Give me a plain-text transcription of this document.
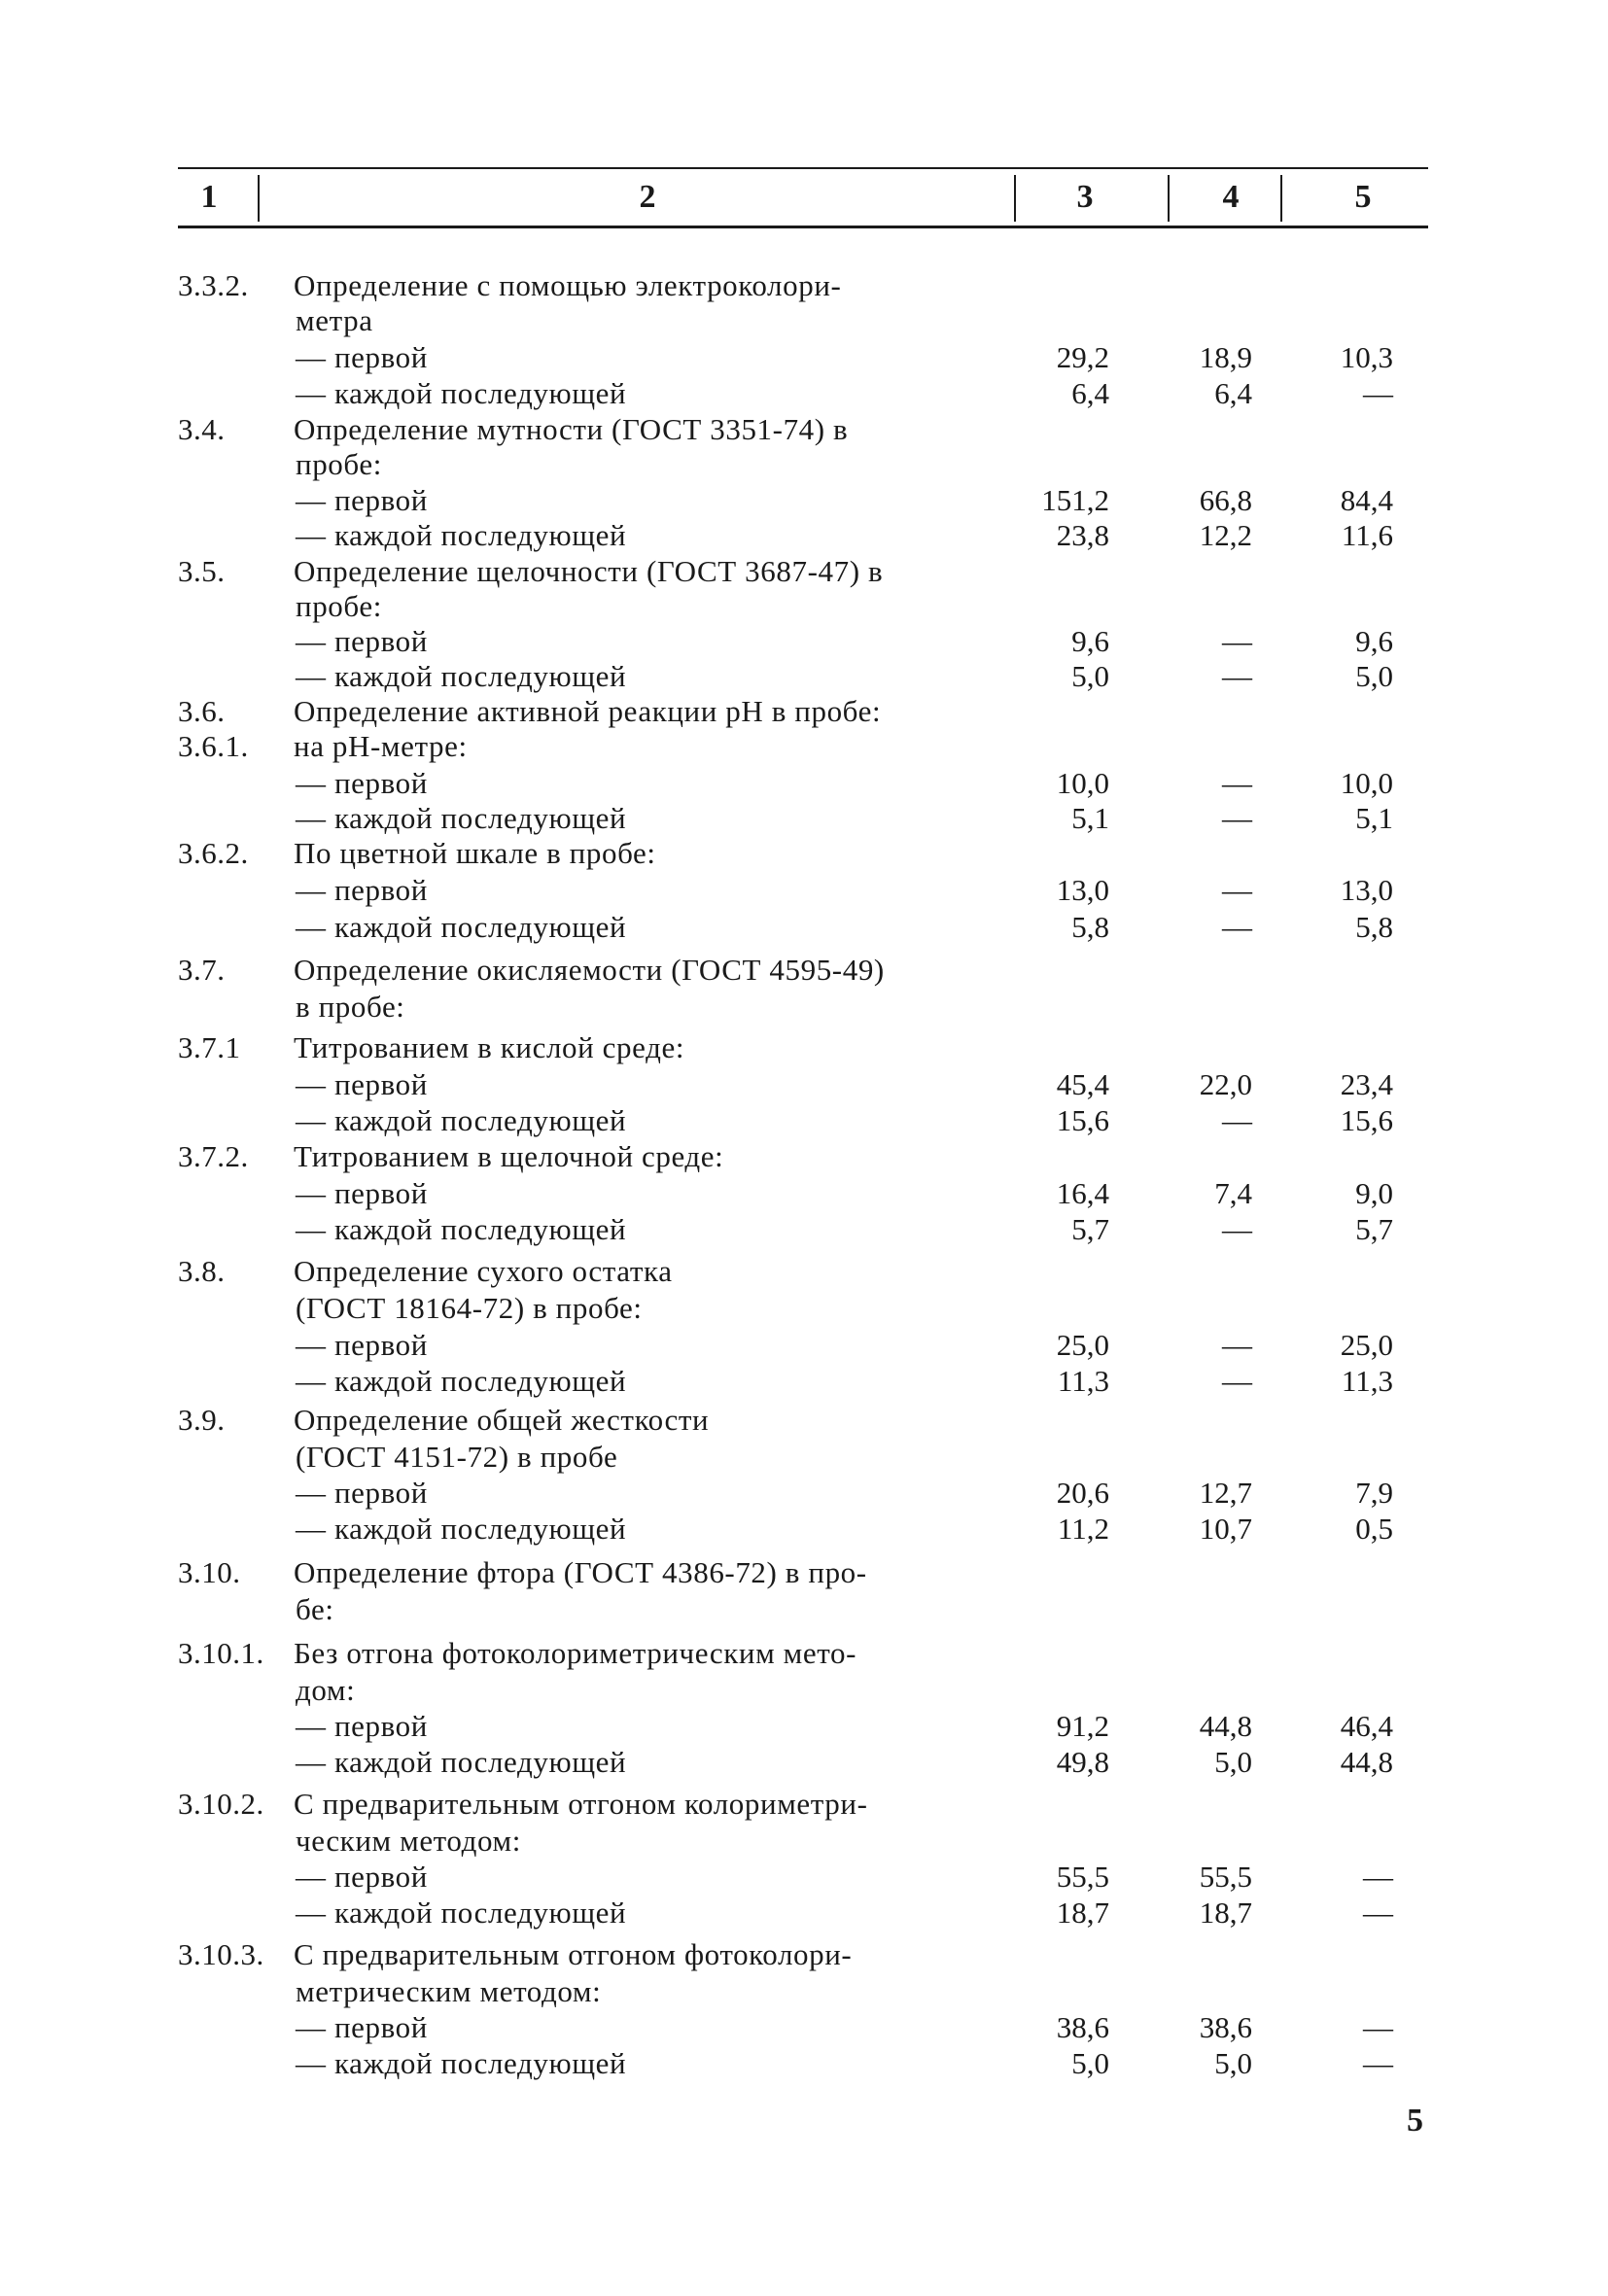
1	2	3	4	5
3.3.2. Определение с помощью электроколори-
метра
— первой	29,2	18,9	10,3
— каждой последующей	6,4	6,4	—
3.4. Определение мутности (ГОСТ 3351-74) в
пробе:
— первой	151,2	66,8	84,4
— каждой последующей	23,8	12,2	11,6
3.5. Определение щелочности (ГОСТ 3687-47) в
пробе:
— первой	9,6	—	9,6
— каждой последующей	5,0	—	5,0
3.6. Определение активной реакции pH в пробе:
3.6.1. на pH-метре:
— первой	10,0	—	10,0
— каждой последующей	5,1	—	5,1
3.6.2. По цветной шкале в пробе:
— первой	13,0	—	13,0
— каждой последующей	5,8	—	5,8
3.7. Определение окисляемости (ГОСТ 4595-49)
в пробе:
3.7.1 Титрованием в кислой среде:
— первой	45,4	22,0	23,4
— каждой последующей	15,6	—	15,6
3.7.2. Титрованием в щелочной среде:
— первой	16,4	7,4	9,0
— каждой последующей	5,7	—	5,7
3.8. Определение сухого остатка
(ГОСТ 18164-72) в пробе:
— первой	25,0	—	25,0
— каждой последующей	11,3	—	11,3
3.9. Определение общей жесткости
(ГОСТ 4151-72) в пробе
— первой	20,6	12,7	7,9
— каждой последующей	11,2	10,7	0,5
3.10. Определение фтора (ГОСТ 4386-72) в про-
бе:
3.10.1. Без отгона фотоколориметрическим мето-
дом:
— первой	91,2	44,8	46,4
— каждой последующей	49,8	5,0	44,8
3.10.2. С предварительным отгоном колориметри-
ческим методом:
— первой	55,5	55,5	—
— каждой последующей	18,7	18,7	—
3.10.3. С предварительным отгоном фотоколори-
метрическим методом:
— первой	38,6	38,6	—
— каждой последующей	5,0	5,0	—
5
